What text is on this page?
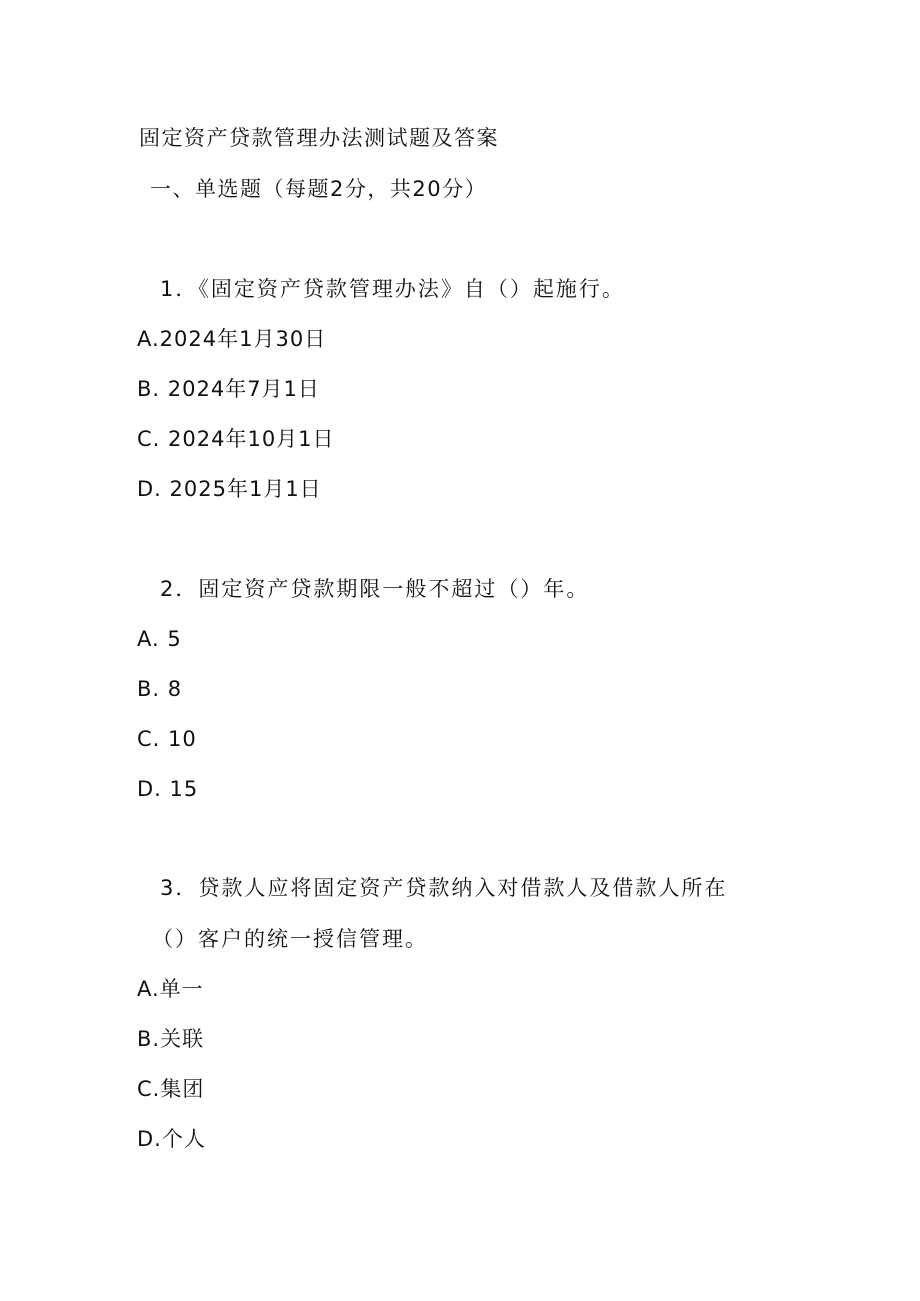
固定资产贷款管理办法测试题及答案
一、单选题（每题2分，共20分）
1．《固定资产贷款管理办法》自（）起施行。
A.2024年1月30日
B. 2024年7月1日
C. 2024年10月1日
D. 2025年1月1日
2．固定资产贷款期限一般不超过（）年。
A. 5
B. 8
C. 10
D. 15
3．贷款人应将固定资产贷款纳入对借款人及借款人所在
（）客户的统一授信管理。
A.单一
B.关联
C.集团
D.个人
